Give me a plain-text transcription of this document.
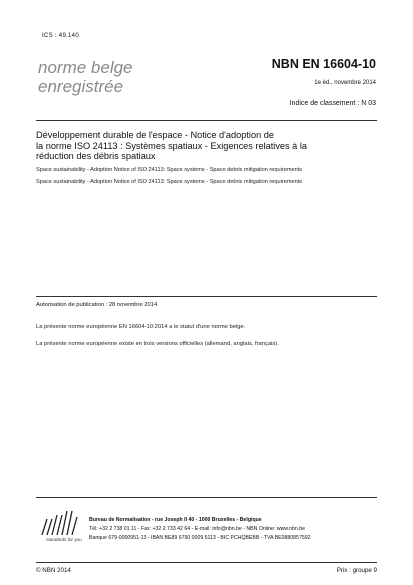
ICS : 49.140
norme belge
enregistrée
NBN EN 16604-10
1e éd., novembre 2014
Indice de classement : N 03
Développement durable de l'espace - Notice d'adoption de
la norme ISO 24113 : Systèmes spatiaux - Exigences relatives à la
réduction des débris spatiaux
Space sustainability - Adoption Notice of ISO 24113: Space systems - Space debris mitigation requirements
Space sustainability - Adoption Notice of ISO 24113: Space systems - Space debris mitigation requirements
Autorisation de publication : 28 novembre 2014
La présente norme européenne EN 16604-10:2014 a le statut d'une norme belge.
La présente norme européenne existe en trois versions officielles (allemand, anglais, français).
standards for you
Bureau de Normalisation - rue Joseph II 40 - 1000 Bruxelles - Belgique
Tél: +32 2 738 01 11 - Fax: +32 2 733 42 64 - E-mail: info@nbn.be - NBN Online: www.nbn.be
Banque 679-0000951-13 - IBAN BE89 6790 0009 5113 - BIC PCHQBEBB - TVA BE0880857592
© NBN 2014	Prix : groupe 9
